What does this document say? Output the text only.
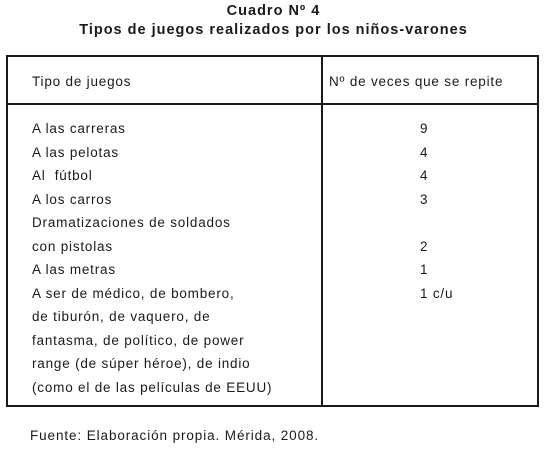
Cuadro Nº 4
Tipos de juegos realizados por los niños-varones
Tipo de juegos	Nº de veces que se repite
A las carreras	9
A las pelotas	4
Al  fútbol	4
A los carros	3
Dramatizaciones de soldados
con pistolas	2
A las metras	1
A ser de médico, de bombero,	1 c/u
de tiburón, de vaquero, de
fantasma, de político, de power
range (de súper héroe), de indio
(como el de las películas de EEUU)
Fuente: Elaboración propia. Mérida, 2008.
